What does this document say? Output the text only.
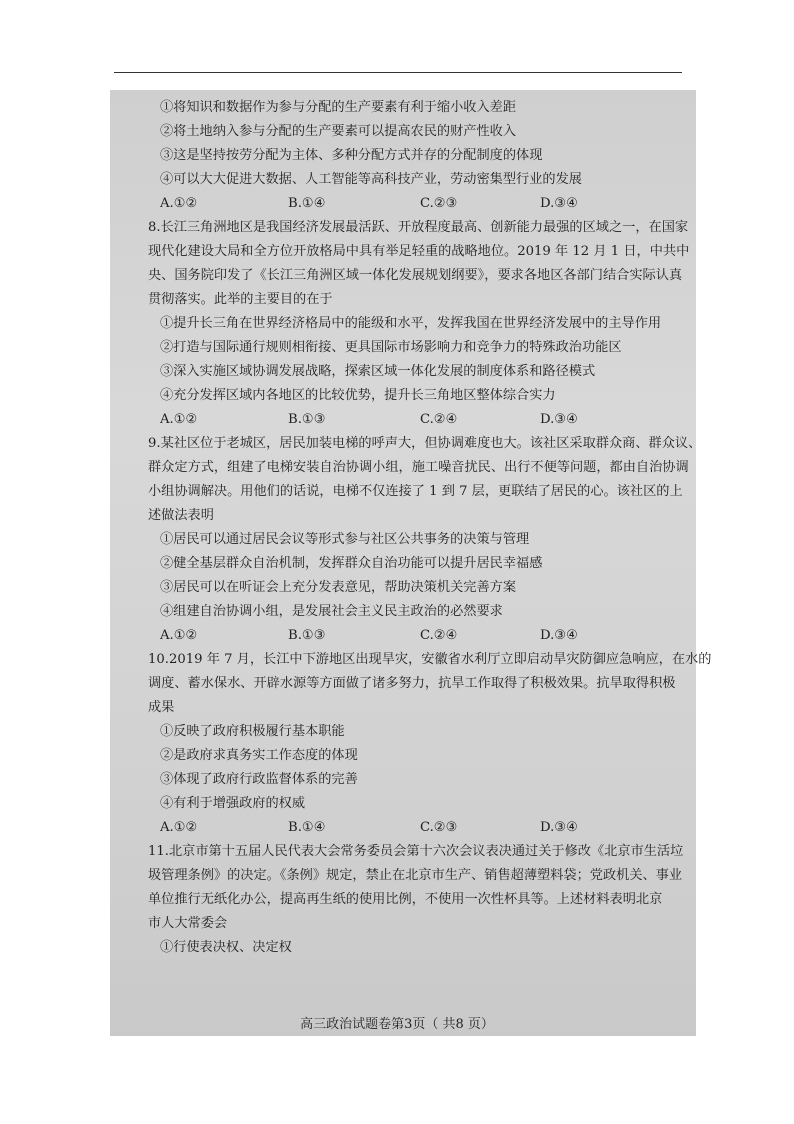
①将知识和数据作为参与分配的生产要素有利于缩小收入差距
②将土地纳入参与分配的生产要素可以提高农民的财产性收入
③这是坚持按劳分配为主体、多种分配方式并存的分配制度的体现
④可以大大促进大数据、人工智能等高科技产业，劳动密集型行业的发展
A.①②	B.①④	C.②③	D.③④
8.长江三角洲地区是我国经济发展最活跃、开放程度最高、创新能力最强的区域之一，在国家
现代化建设大局和全方位开放格局中具有举足轻重的战略地位。2019 年 12 月 1 日，中共中
央、国务院印发了《长江三角洲区域一体化发展规划纲要》，要求各地区各部门结合实际认真
贯彻落实。此举的主要目的在于
①提升长三角在世界经济格局中的能级和水平，发挥我国在世界经济发展中的主导作用
②打造与国际通行规则相衔接、更具国际市场影响力和竞争力的特殊政治功能区
③深入实施区域协调发展战略，探索区域一体化发展的制度体系和路径模式
④充分发挥区域内各地区的比较优势，提升长三角地区整体综合实力
A.①②	B.①③	C.②④	D.③④
9.某社区位于老城区，居民加装电梯的呼声大，但协调难度也大。该社区采取群众商、群众议、
群众定方式，组建了电梯安装自治协调小组，施工噪音扰民、出行不便等问题，都由自治协调
小组协调解决。用他们的话说，电梯不仅连接了 1 到 7 层，更联结了居民的心。该社区的上
述做法表明
①居民可以通过居民会议等形式参与社区公共事务的决策与管理
②健全基层群众自治机制，发挥群众自治功能可以提升居民幸福感
③居民可以在听证会上充分发表意见，帮助决策机关完善方案
④组建自治协调小组，是发展社会主义民主政治的必然要求
A.①②	B.①③	C.②④	D.③④
10.2019 年 7 月，长江中下游地区出现旱灾，安徽省水利厅立即启动旱灾防御应急响应，在水的
调度、蓄水保水、开辟水源等方面做了诸多努力，抗旱工作取得了积极效果。抗旱取得积极
成果
①反映了政府积极履行基本职能
②是政府求真务实工作态度的体现
③体现了政府行政监督体系的完善
④有利于增强政府的权威
A.①②	B.①④	C.②③	D.③④
11.北京市第十五届人民代表大会常务委员会第十六次会议表决通过关于修改《北京市生活垃
圾管理条例》的决定。《条例》规定，禁止在北京市生产、销售超薄塑料袋；党政机关、事业
单位推行无纸化办公，提高再生纸的使用比例，不使用一次性杯具等。上述材料表明北京
市人大常委会
①行使表决权、决定权
高三政治试题卷第3页（ 共8 页）
